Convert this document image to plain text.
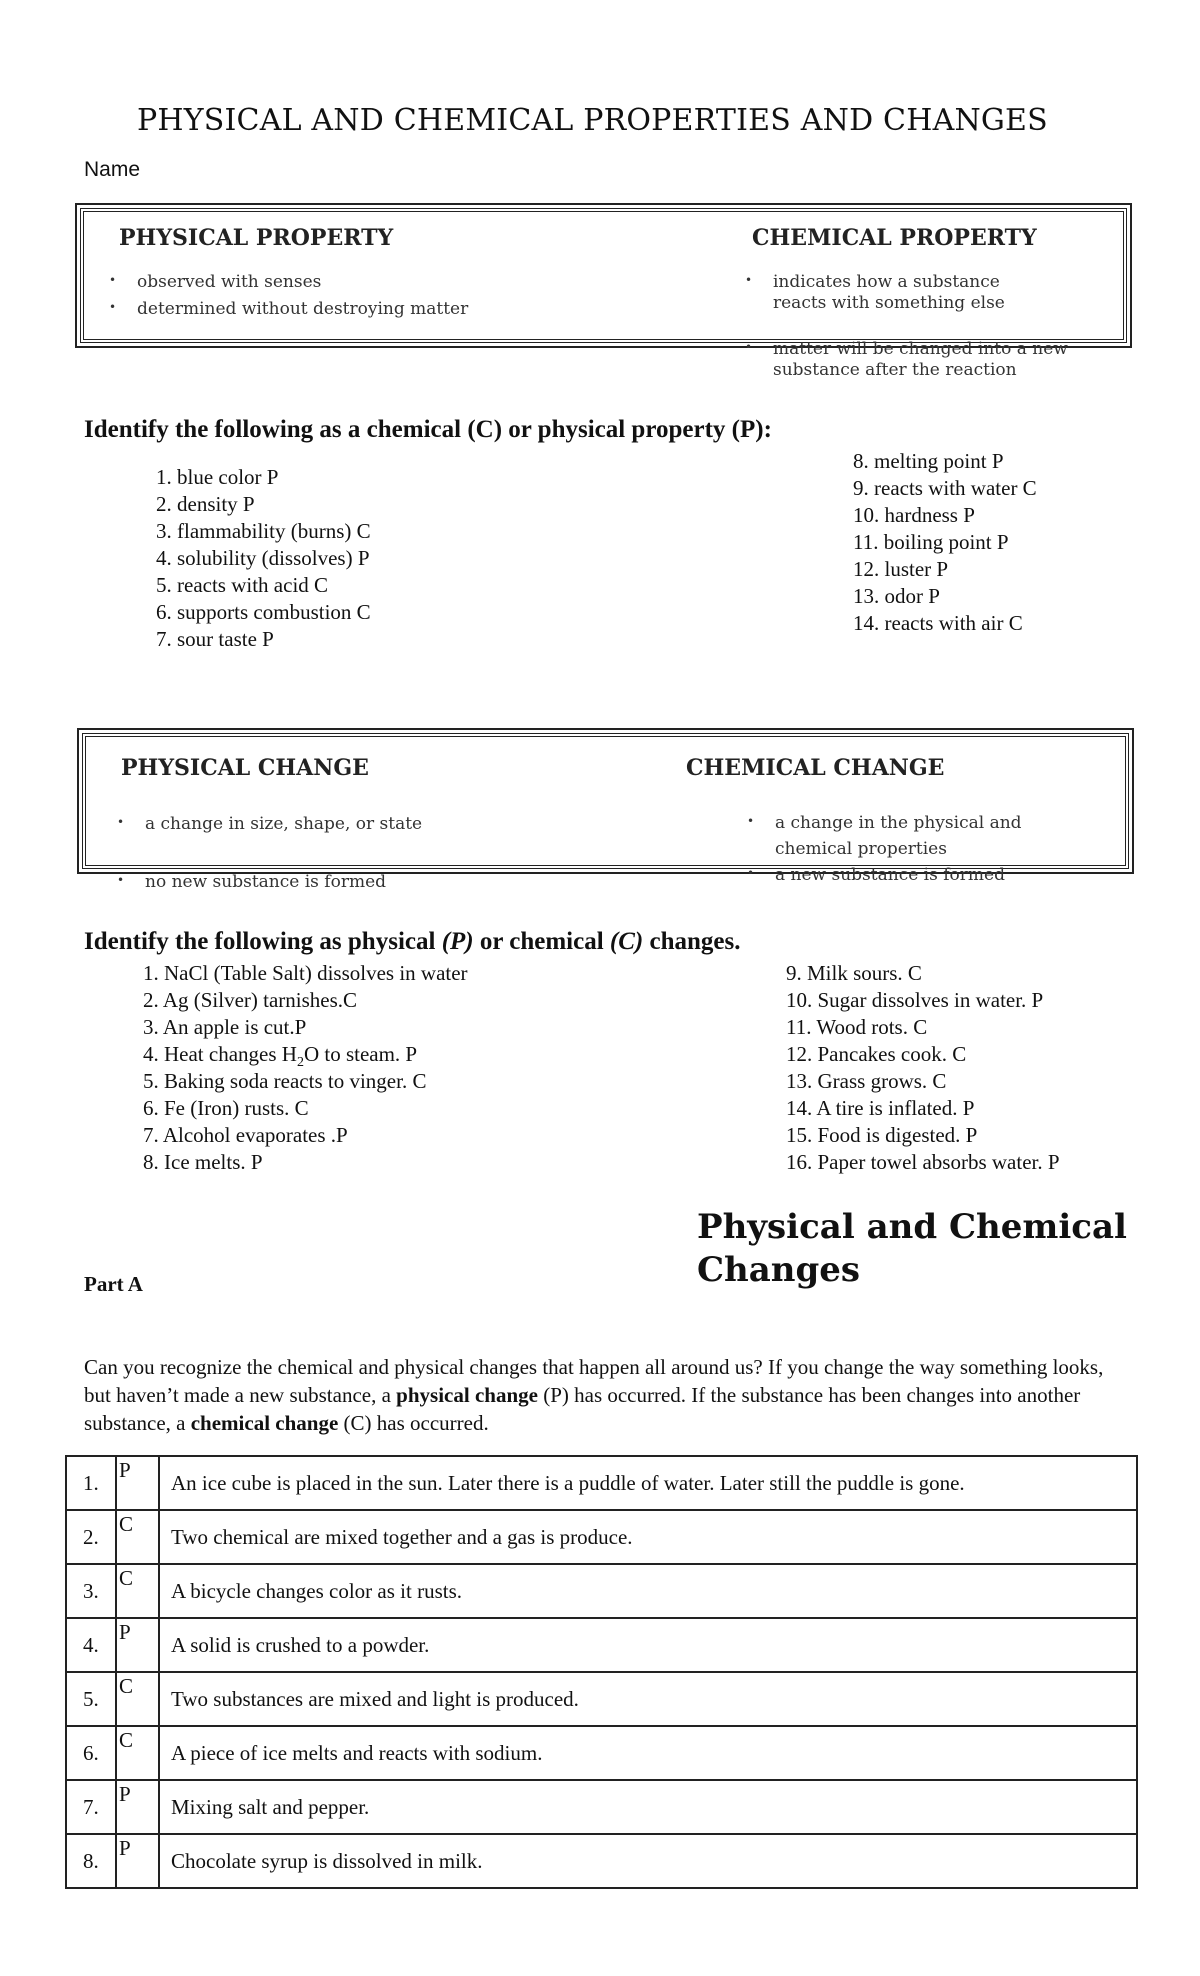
PHYSICAL AND CHEMICAL PROPERTIES AND CHANGES
Name
PHYSICAL PROPERTY
• observed with senses
• determined without destroying matter
CHEMICAL PROPERTY
• indicates how a substance reacts with something else
• matter will be changed into a new substance after the reaction
Identify the following as a chemical (C) or physical property (P):
1. blue color P
2. density P
3. flammability (burns) C
4. solubility (dissolves) P
5. reacts with acid C
6. supports combustion C
7. sour taste P
8. melting point P
9. reacts with water C
10. hardness P
11. boiling point P
12. luster P
13. odor P
14. reacts with air C
PHYSICAL CHANGE
• a change in size, shape, or state
• no new substance is formed
CHEMICAL CHANGE
• a change in the physical and chemical properties
• a new substance is formed
Identify the following as physical (P) or chemical (C) changes.
1. NaCl (Table Salt) dissolves in water
2. Ag (Silver) tarnishes.C
3. An apple is cut.P
4. Heat changes $H_2O$ to steam. P
5. Baking soda reacts to vinger. C
6. Fe (Iron) rusts. C
7. Alcohol evaporates .P
8. Ice melts. P
9. Milk sours. C
10. Sugar dissolves in water. P
11. Wood rots. C
12. Pancakes cook. C
13. Grass grows. C
14. A tire is inflated. P
15. Food is digested. P
16. Paper towel absorbs water. P
Physical and Chemical Changes
Part A
Can you recognize the chemical and physical changes that happen all around us? If you change the way something looks, but haven’t made a new substance, a physical change (P) has occurred. If the substance has been changes into another substance, a chemical change (C) has occurred.
1.	P	An ice cube is placed in the sun. Later there is a puddle of water. Later still the puddle is gone.
2.	C	Two chemical are mixed together and a gas is produce.
3.	C	A bicycle changes color as it rusts.
4.	P	A solid is crushed to a powder.
5.	C	Two substances are mixed and light is produced.
6.	C	A piece of ice melts and reacts with sodium.
7.	P	Mixing salt and pepper.
8.	P	Chocolate syrup is dissolved in milk.
